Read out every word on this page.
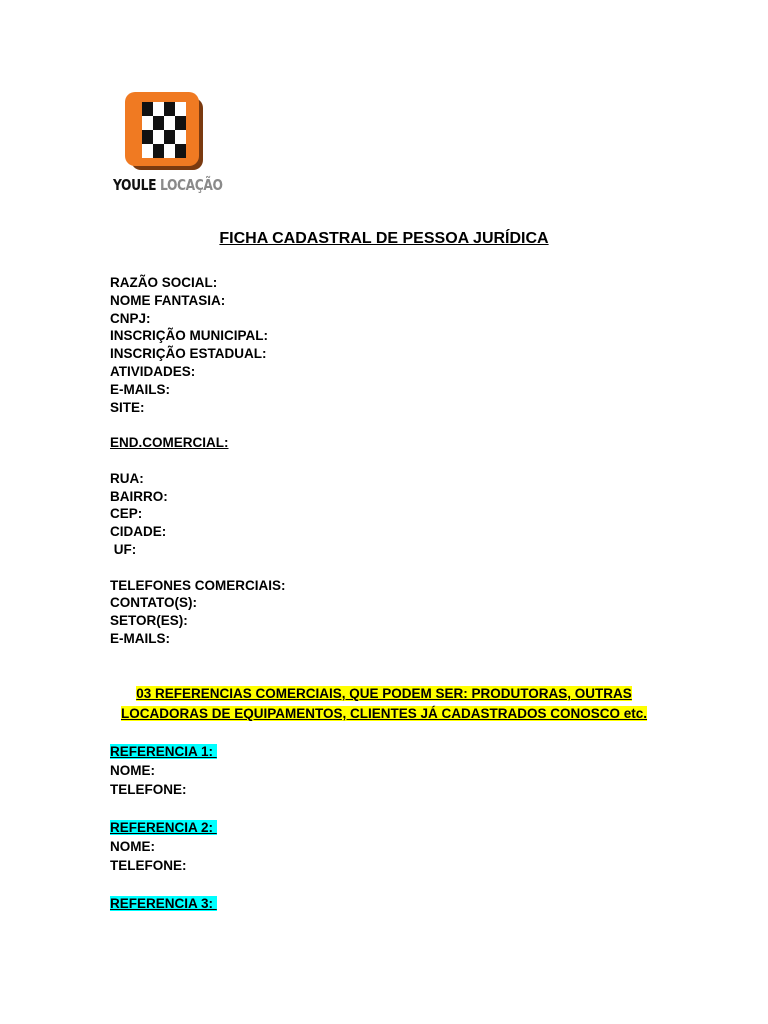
YOULE LOCAÇÃO
FICHA CADASTRAL DE PESSOA JURÍDICA
RAZÃO SOCIAL:
NOME FANTASIA:
CNPJ:
INSCRIÇÃO MUNICIPAL:
INSCRIÇÃO ESTADUAL:
ATIVIDADES:
E-MAILS:
SITE:
END.COMERCIAL:
RUA:
BAIRRO:
CEP:
CIDADE:
UF:
TELEFONES COMERCIAIS:
CONTATO(S):
SETOR(ES):
E-MAILS:
03 REFERENCIAS COMERCIAIS, QUE PODEM SER: PRODUTORAS, OUTRAS
LOCADORAS DE EQUIPAMENTOS, CLIENTES JÁ CADASTRADOS CONOSCO etc.
REFERENCIA 1:
NOME:
TELEFONE:
REFERENCIA 2:
NOME:
TELEFONE:
REFERENCIA 3:
